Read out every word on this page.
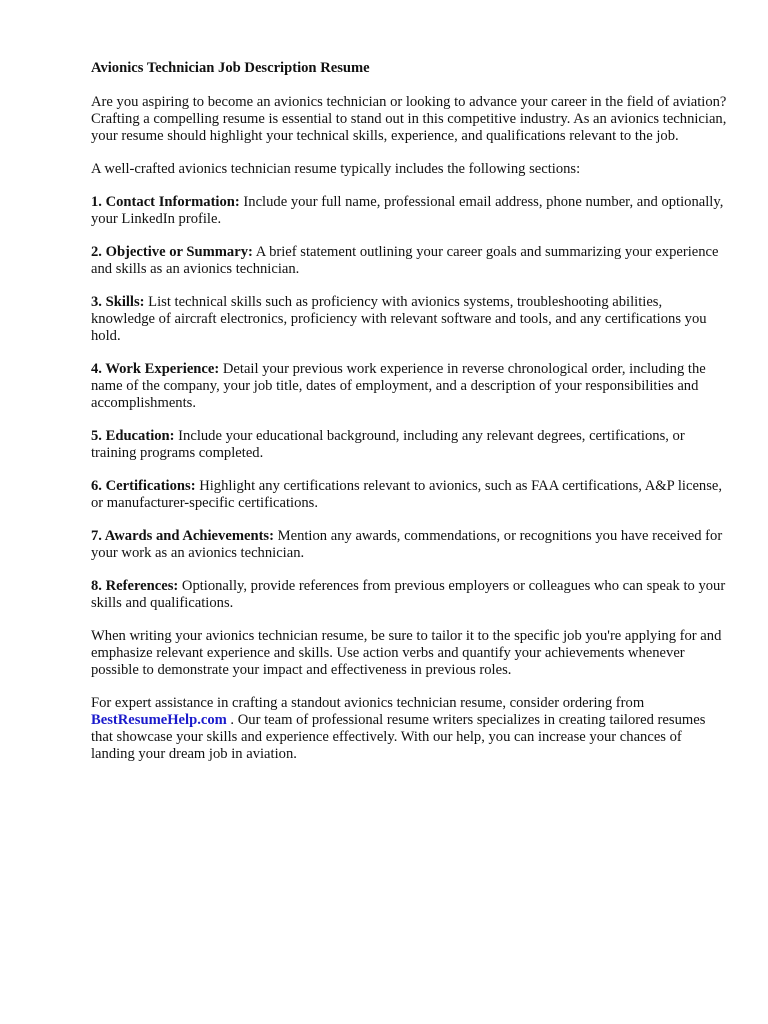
Avionics Technician Job Description Resume

Are you aspiring to become an avionics technician or looking to advance your career in the field of aviation? Crafting a compelling resume is essential to stand out in this competitive industry. As an avionics technician, your resume should highlight your technical skills, experience, and qualifications relevant to the job.

A well-crafted avionics technician resume typically includes the following sections:

1. Contact Information: Include your full name, professional email address, phone number, and optionally, your LinkedIn profile.

2. Objective or Summary: A brief statement outlining your career goals and summarizing your experience and skills as an avionics technician.

3. Skills: List technical skills such as proficiency with avionics systems, troubleshooting abilities, knowledge of aircraft electronics, proficiency with relevant software and tools, and any certifications you hold.

4. Work Experience: Detail your previous work experience in reverse chronological order, including the name of the company, your job title, dates of employment, and a description of your responsibilities and accomplishments.

5. Education: Include your educational background, including any relevant degrees, certifications, or training programs completed.

6. Certifications: Highlight any certifications relevant to avionics, such as FAA certifications, A&P license, or manufacturer-specific certifications.

7. Awards and Achievements: Mention any awards, commendations, or recognitions you have received for your work as an avionics technician.

8. References: Optionally, provide references from previous employers or colleagues who can speak to your skills and qualifications.

When writing your avionics technician resume, be sure to tailor it to the specific job you're applying for and emphasize relevant experience and skills. Use action verbs and quantify your achievements whenever possible to demonstrate your impact and effectiveness in previous roles.

For expert assistance in crafting a standout avionics technician resume, consider ordering from BestResumeHelp.com . Our team of professional resume writers specializes in creating tailored resumes that showcase your skills and experience effectively. With our help, you can increase your chances of landing your dream job in aviation.
